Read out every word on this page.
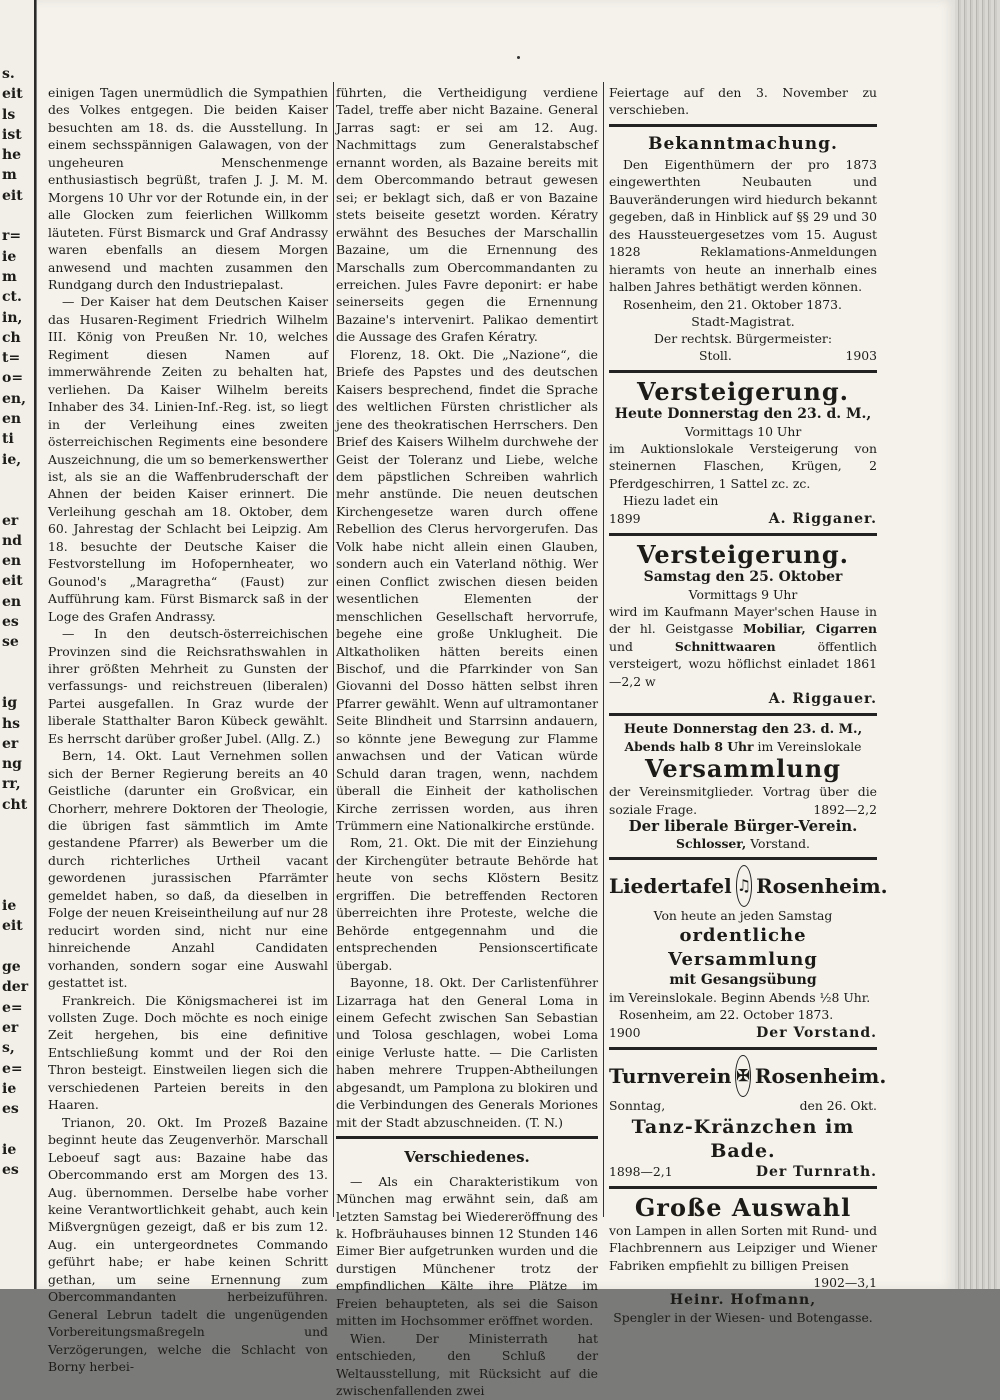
s.
eit
ls
ist
he
m
eit
r=
ie
m
ct.
in,
ch
t=
o=
en,
en
ti
ie,
er
nd
en
eit
en
es
se
ig
hs
er
ng
rr,
cht
ie
eit
ge
der
e=
er
s,
e=
ie
es
ie
es

einigen Tagen unermüdlich die Sympathien des Volkes entgegen. Die beiden Kaiser besuchten am 18. ds. die Ausstellung. In einem sechsspännigen Galawagen, von der ungeheuren Menschenmenge enthusiastisch begrüßt, trafen J. J. M. M. Morgens 10 Uhr vor der Rotunde ein, in der alle Glocken zum feierlichen Willkomm läuteten. Fürst Bismarck und Graf Andrassy waren ebenfalls an diesem Morgen anwesend und machten zusammen den Rundgang durch den Industriepalast.

— Der Kaiser hat dem Deutschen Kaiser das Husaren-Regiment Friedrich Wilhelm III. König von Preußen Nr. 10, welches Regiment diesen Namen auf immerwährende Zeiten zu behalten hat, verliehen. Da Kaiser Wilhelm bereits Inhaber des 34. Linien-Inf.-Reg. ist, so liegt in der Verleihung eines zweiten österreichischen Regiments eine besondere Auszeichnung, die um so bemerkenswerther ist, als sie an die Waffenbruderschaft der Ahnen der beiden Kaiser erinnert. Die Verleihung geschah am 18. Oktober, dem 60. Jahrestag der Schlacht bei Leipzig. Am 18. besuchte der Deutsche Kaiser die Festvorstellung im Hofopernheater, wo Gounod's „Maragretha“ (Faust) zur Aufführung kam. Fürst Bismarck saß in der Loge des Grafen Andrassy.

— In den deutsch-österreichischen Provinzen sind die Reichsrathswahlen in ihrer größten Mehrheit zu Gunsten der verfassungs- und reichstreuen (liberalen) Partei ausgefallen. In Graz wurde der liberale Statthalter Baron Kübeck gewählt. Es herrscht darüber großer Jubel. (Allg. Z.)

Bern, 14. Okt. Laut Vernehmen sollen sich der Berner Regierung bereits an 40 Geistliche (darunter ein Großvicar, ein Chorherr, mehrere Doktoren der Theologie, die übrigen fast sämmtlich im Amte gestandene Pfarrer) als Bewerber um die durch richterliches Urtheil vacant gewordenen jurassischen Pfarrämter gemeldet haben, so daß, da dieselben in Folge der neuen Kreiseintheilung auf nur 28 reducirt worden sind, nicht nur eine hinreichende Anzahl Candidaten vorhanden, sondern sogar eine Auswahl gestattet ist.

Frankreich. Die Königsmacherei ist im vollsten Zuge. Doch möchte es noch einige Zeit hergehen, bis eine definitive Entschließung kommt und der Roi den Thron besteigt. Einstweilen liegen sich die verschiedenen Parteien bereits in den Haaren.

Trianon, 20. Okt. Im Prozeß Bazaine beginnt heute das Zeugenverhör. Marschall Leboeuf sagt aus: Bazaine habe das Obercommando erst am Morgen des 13. Aug. übernommen. Derselbe habe vorher keine Verantwortlichkeit gehabt, auch kein Mißvergnügen gezeigt, daß er bis zum 12. Aug. ein untergeordnetes Commando geführt habe; er habe keinen Schritt gethan, um seine Ernennung zum Obercommandanten herbeizuführen. General Lebrun tadelt die ungenügenden Vorbereitungsmaßregeln und Verzögerungen, welche die Schlacht von Borny herbei-

führten, die Vertheidigung verdiene Tadel, treffe aber nicht Bazaine. General Jarras sagt: er sei am 12. Aug. Nachmittags zum Generalstabschef ernannt worden, als Bazaine bereits mit dem Obercommando betraut gewesen sei; er beklagt sich, daß er von Bazaine stets beiseite gesetzt worden. Kératry erwähnt des Besuches der Marschallin Bazaine, um die Ernennung des Marschalls zum Obercommandanten zu erreichen. Jules Favre deponirt: er habe seinerseits gegen die Ernennung Bazaine's intervenirt. Palikao dementirt die Aussage des Grafen Kératry.

Florenz, 18. Okt. Die „Nazione“, die Briefe des Papstes und des deutschen Kaisers besprechend, findet die Sprache des weltlichen Fürsten christlicher als jene des theokratischen Herrschers. Den Brief des Kaisers Wilhelm durchwehe der Geist der Toleranz und Liebe, welche dem päpstlichen Schreiben wahrlich mehr anstünde. Die neuen deutschen Kirchengesetze waren durch offene Rebellion des Clerus hervorgerufen. Das Volk habe nicht allein einen Glauben, sondern auch ein Vaterland nöthig. Wer einen Conflict zwischen diesen beiden wesentlichen Elementen der menschlichen Gesellschaft hervorrufe, begehe eine große Unklugheit. Die Altkatholiken hätten bereits einen Bischof, und die Pfarrkinder von San Giovanni del Dosso hätten selbst ihren Pfarrer gewählt. Wenn auf ultramontaner Seite Blindheit und Starrsinn andauern, so könnte jene Bewegung zur Flamme anwachsen und der Vatican würde Schuld daran tragen, wenn, nachdem überall die Einheit der katholischen Kirche zerrissen worden, aus ihren Trümmern eine Nationalkirche erstünde.

Rom, 21. Okt. Die mit der Einziehung der Kirchengüter betraute Behörde hat heute von sechs Klöstern Besitz ergriffen. Die betreffenden Rectoren überreichten ihre Proteste, welche die Behörde entgegennahm und die entsprechenden Pensionscertificate übergab.

Bayonne, 18. Okt. Der Carlistenführer Lizarraga hat den General Loma in einem Gefecht zwischen San Sebastian und Tolosa geschlagen, wobei Loma einige Verluste hatte. — Die Carlisten haben mehrere Truppen-Abtheilungen abgesandt, um Pamplona zu blokiren und die Verbindungen des Generals Moriones mit der Stadt abzuschneiden. (T. N.)

Verschiedenes.

— Als ein Charakteristikum von München mag erwähnt sein, daß am letzten Samstag bei Wiedereröffnung des k. Hofbräuhauses binnen 12 Stunden 146 Eimer Bier aufgetrunken wurden und die durstigen Münchener trotz der empfindlichen Kälte ihre Plätze im Freien behaupteten, als sei die Saison mitten im Hochsommer eröffnet worden.

Wien. Der Ministerrath hat entschieden, den Schluß der Weltausstellung, mit Rücksicht auf die zwischenfallenden zwei

Feiertage auf den 3. November zu verschieben.

Bekanntmachung.

Den Eigenthümern der pro 1873 eingewerthten Neubauten und Bauveränderungen wird hiedurch bekannt gegeben, daß in Hinblick auf §§ 29 und 30 des Haussteuergesetzes vom 15. August 1828 Reklamations-Anmeldungen hieramts von heute an innerhalb eines halben Jahres bethätigt werden können.

Rosenheim, den 21. Oktober 1873.

Stadt-Magistrat.
Der rechtsk. Bürgermeister:
Stoll.	1903
Versteigerung.
Heute Donnerstag den 23. d. M.,
Vormittags 10 Uhr

im Auktionslokale Versteigerung von steinernen Flaschen, Krügen, 2 Pferdgeschirren, 1 Sattel zc. zc.

Hiezu ladet ein

1899	A. Rigganer.
Versteigerung.
Samstag den 25. Oktober
Vormittags 9 Uhr

wird im Kaufmann Mayer'schen Hause in der hl. Geistgasse Mobiliar, Cigarren und	Schnittwaaren	öffentlich versteigert, wozu höflichst einladet 1861—2,2 w

A. Riggauer.
Heute Donnerstag den 23. d. M.,
Abends halb 8 Uhr im Vereinslokale
Versammlung

der Vereinsmitglieder. Vortrag über die soziale Frage.	1892—2,2

Der liberale Bürger-Verein.
Schlosser, Vorstand.
Liedertafel ♫ Rosenheim.
Von heute an jeden Samstag
ordentliche Versammlung
mit Gesangsübung

im Vereinslokale. Beginn Abends ½8 Uhr.

Rosenheim, am 22. October 1873.

1900	Der Vorstand.
Turnverein ✠ Rosenheim.
Sonntag,	den 26. Okt.
Tanz-Kränzchen im Bade.
1898—2,1	Der Turnrath.
Große Auswahl

von Lampen in allen Sorten mit Rund- und Flachbrennern aus Leipziger und Wiener Fabriken empfiehlt zu billigen Preisen

1902—3,1
Heinr. Hofmann,
Spengler in der Wiesen- und Botengasse.
